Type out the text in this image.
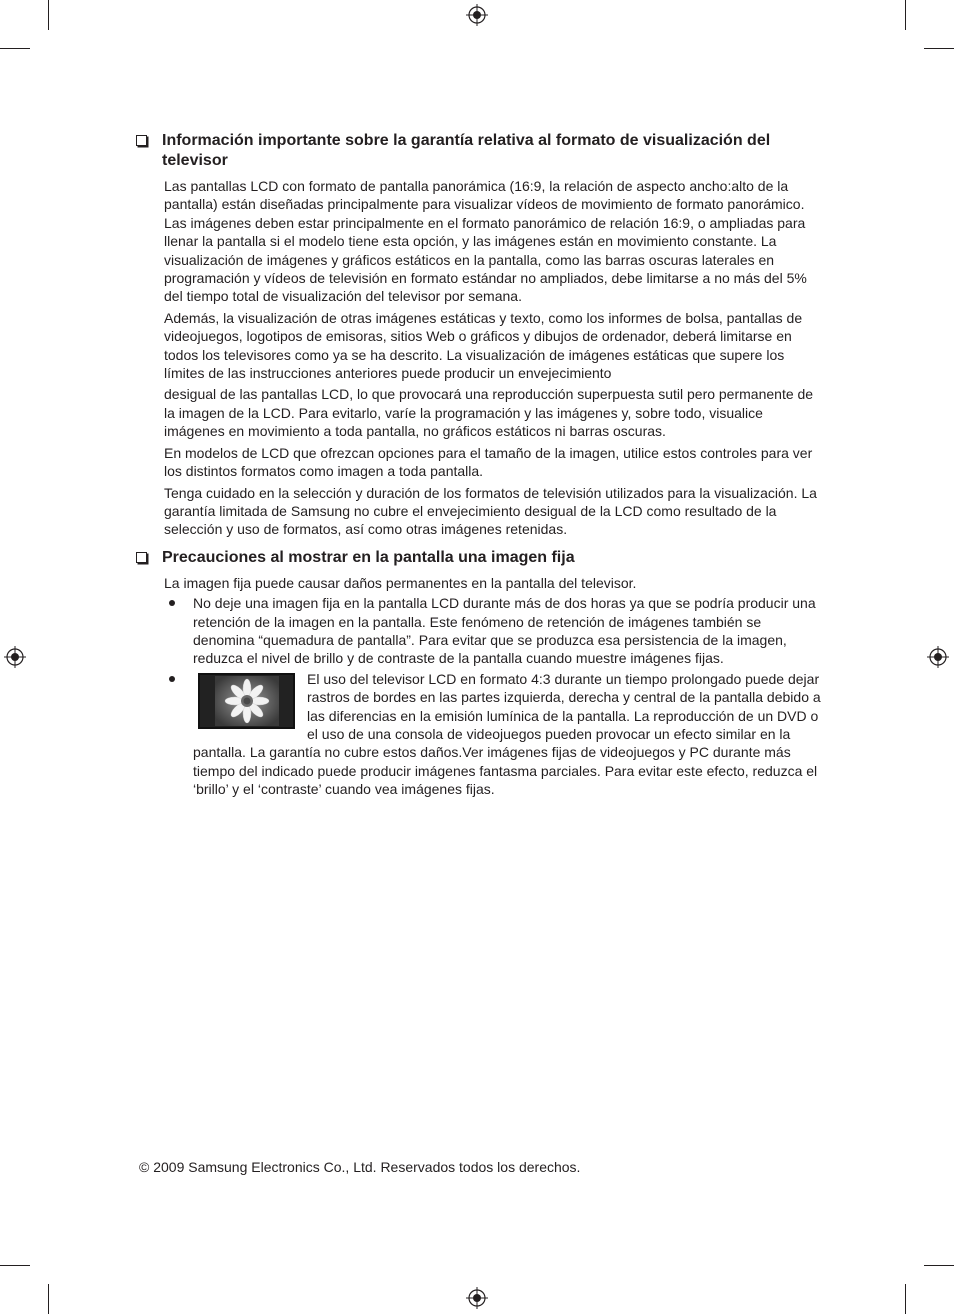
Información importante sobre la garantía relativa al formato de visualización del televisor

Las pantallas LCD con formato de pantalla panorámica (16:9, la relación de aspecto ancho:alto de la pantalla) están diseñadas principalmente para visualizar vídeos de movimiento de formato panorámico. Las imágenes deben estar principalmente en el formato panorámico de relación 16:9, o ampliadas para llenar la pantalla si el modelo tiene esta opción, y las imágenes están en movimiento constante. La visualización de imágenes y gráficos estáticos en la pantalla, como las barras oscuras laterales en programación y vídeos de televisión en formato estándar no ampliados, debe limitarse a no más del 5% del tiempo total de visualización del televisor por semana.

Además, la visualización de otras imágenes estáticas y texto, como los informes de bolsa, pantallas de videojuegos, logotipos de emisoras, sitios Web o gráficos y dibujos de ordenador, deberá limitarse en todos los televisores como ya se ha descrito. La visualización de imágenes estáticas que supere los límites de las instrucciones anteriores puede producir un envejecimiento

desigual de las pantallas LCD, lo que provocará una reproducción superpuesta sutil pero permanente de la imagen de la LCD. Para evitarlo, varíe la programación y las imágenes y, sobre todo, visualice imágenes en movimiento a toda pantalla, no gráficos estáticos ni barras oscuras.

En modelos de LCD que ofrezcan opciones para el tamaño de la imagen, utilice estos controles para ver los distintos formatos como imagen a toda pantalla.

Tenga cuidado en la selección y duración de los formatos de televisión utilizados para la visualización. La garantía limitada de Samsung no cubre el envejecimiento desigual de la LCD como resultado de la selección y uso de formatos, así como otras imágenes retenidas.

Precauciones al mostrar en la pantalla una imagen fija

La imagen fija puede causar daños permanentes en la pantalla del televisor.

No deje una imagen fija en la pantalla LCD durante más de dos horas ya que se podría producir una retención de la imagen en la pantalla. Este fenómeno de retención de imágenes también se denomina “quemadura de pantalla”. Para evitar que se produzca esa persistencia de la imagen, reduzca el nivel de brillo y de contraste de la pantalla cuando muestre imágenes fijas.
El uso del televisor LCD en formato 4:3 durante un tiempo prolongado puede dejar rastros de bordes en las partes izquierda, derecha y central de la pantalla debido a las diferencias en la emisión lumínica de la pantalla. La reproducción de un DVD o el uso de una consola de videojuegos pueden provocar un efecto similar en la pantalla. La garantía no cubre estos daños.Ver imágenes fijas de videojuegos y PC durante más tiempo del indicado puede producir imágenes fantasma parciales. Para evitar este efecto, reduzca el ‘brillo’ y el ‘contraste’ cuando vea imágenes fijas.
© 2009 Samsung Electronics Co., Ltd. Reservados todos los derechos.
